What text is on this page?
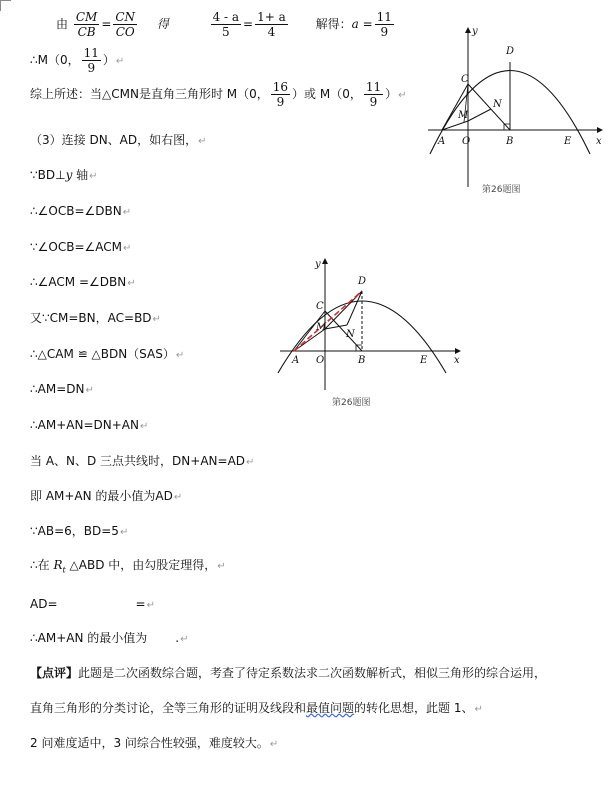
由 $\frac{CM}{CB} = \frac{CN}{CO}$ 得	$\frac{4 - a}{5} = \frac{1+ a}{4}$ 解得：$a = \frac{11}{9}$
∴M（0， $\frac{11}{9}$ ）↵
综上所述：当△CMN是直角三角形时 M（0， $\frac{16}{9}$ ）或 M（0， $\frac{11}{9}$ ）↵
（3）连接 DN、AD，如右图，↵
∵BD⊥y 轴↵
∴∠OCB=∠DBN↵
∵∠OCB=∠ACM↵
∴∠ACM =∠DBN↵
又∵CM=BN，AC=BD↵
∴△CAM ≌ △BDN（SAS）↵
∴AM=DN↵
∴AM+AN=DN+AN↵
当 A、N、D 三点共线时，DN+AN=AD↵
即 AM+AN 的最小值为AD↵
∵AB=6，BD=5↵
∴在 $R_t$ △ABD 中，由勾股定理得，↵
AD=	=↵
∴AM+AN 的最小值为 .↵
【点评】此题是二次函数综合题，考查了待定系数法求二次函数解析式，相似三角形的综合运用，
直角三角形的分类讨论，全等三角形的证明及线段和最值问题的转化思想，此题 1、↵
2 问难度适中，3 问综合性较强，难度较大。↵
y
x
D
C
N
M
A O	B	E
第26题图
y
x
D
C
N
M
A O	B	E
第26题图
